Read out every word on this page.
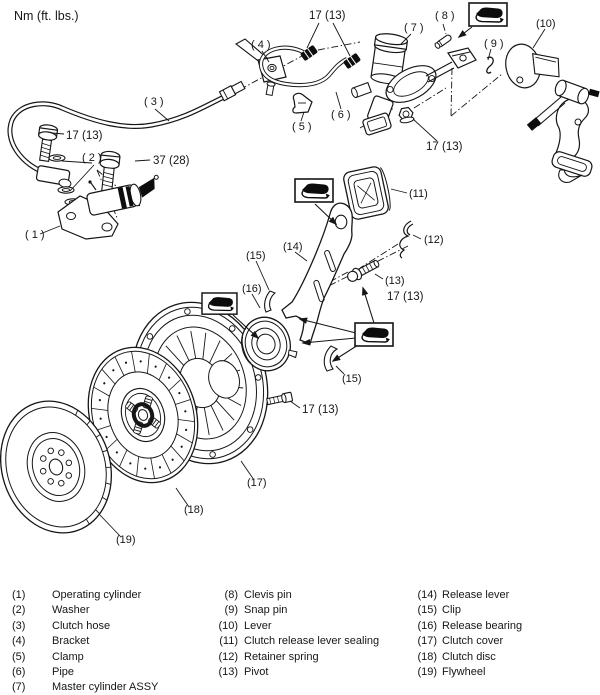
Nm (ft. lbs.)	17 (13)
17 (13)
37 (28)
17 (13)
17 (13)
17 (13)
( 1 )
( 2 )
( 3 )
( 4 )
( 5 )
( 6 )
( 7 )
( 8 )
( 9 )
(10)
(11)
(12)
(13)
(14)
(15)
(15)
(16)
(17)
(18)
(19)
(1) Operating cylinder
(2) Washer
(3) Clutch hose
(4) Bracket
(5) Clamp
(6) Pipe
(7) Master cylinder ASSY
(8) Clevis pin
(9) Snap pin
(10) Lever
(11) Clutch release lever sealing
(12) Retainer spring
(13) Pivot
(14) Release lever
(15) Clip
(16) Release bearing
(17) Clutch cover
(18) Clutch disc
(19) Flywheel
